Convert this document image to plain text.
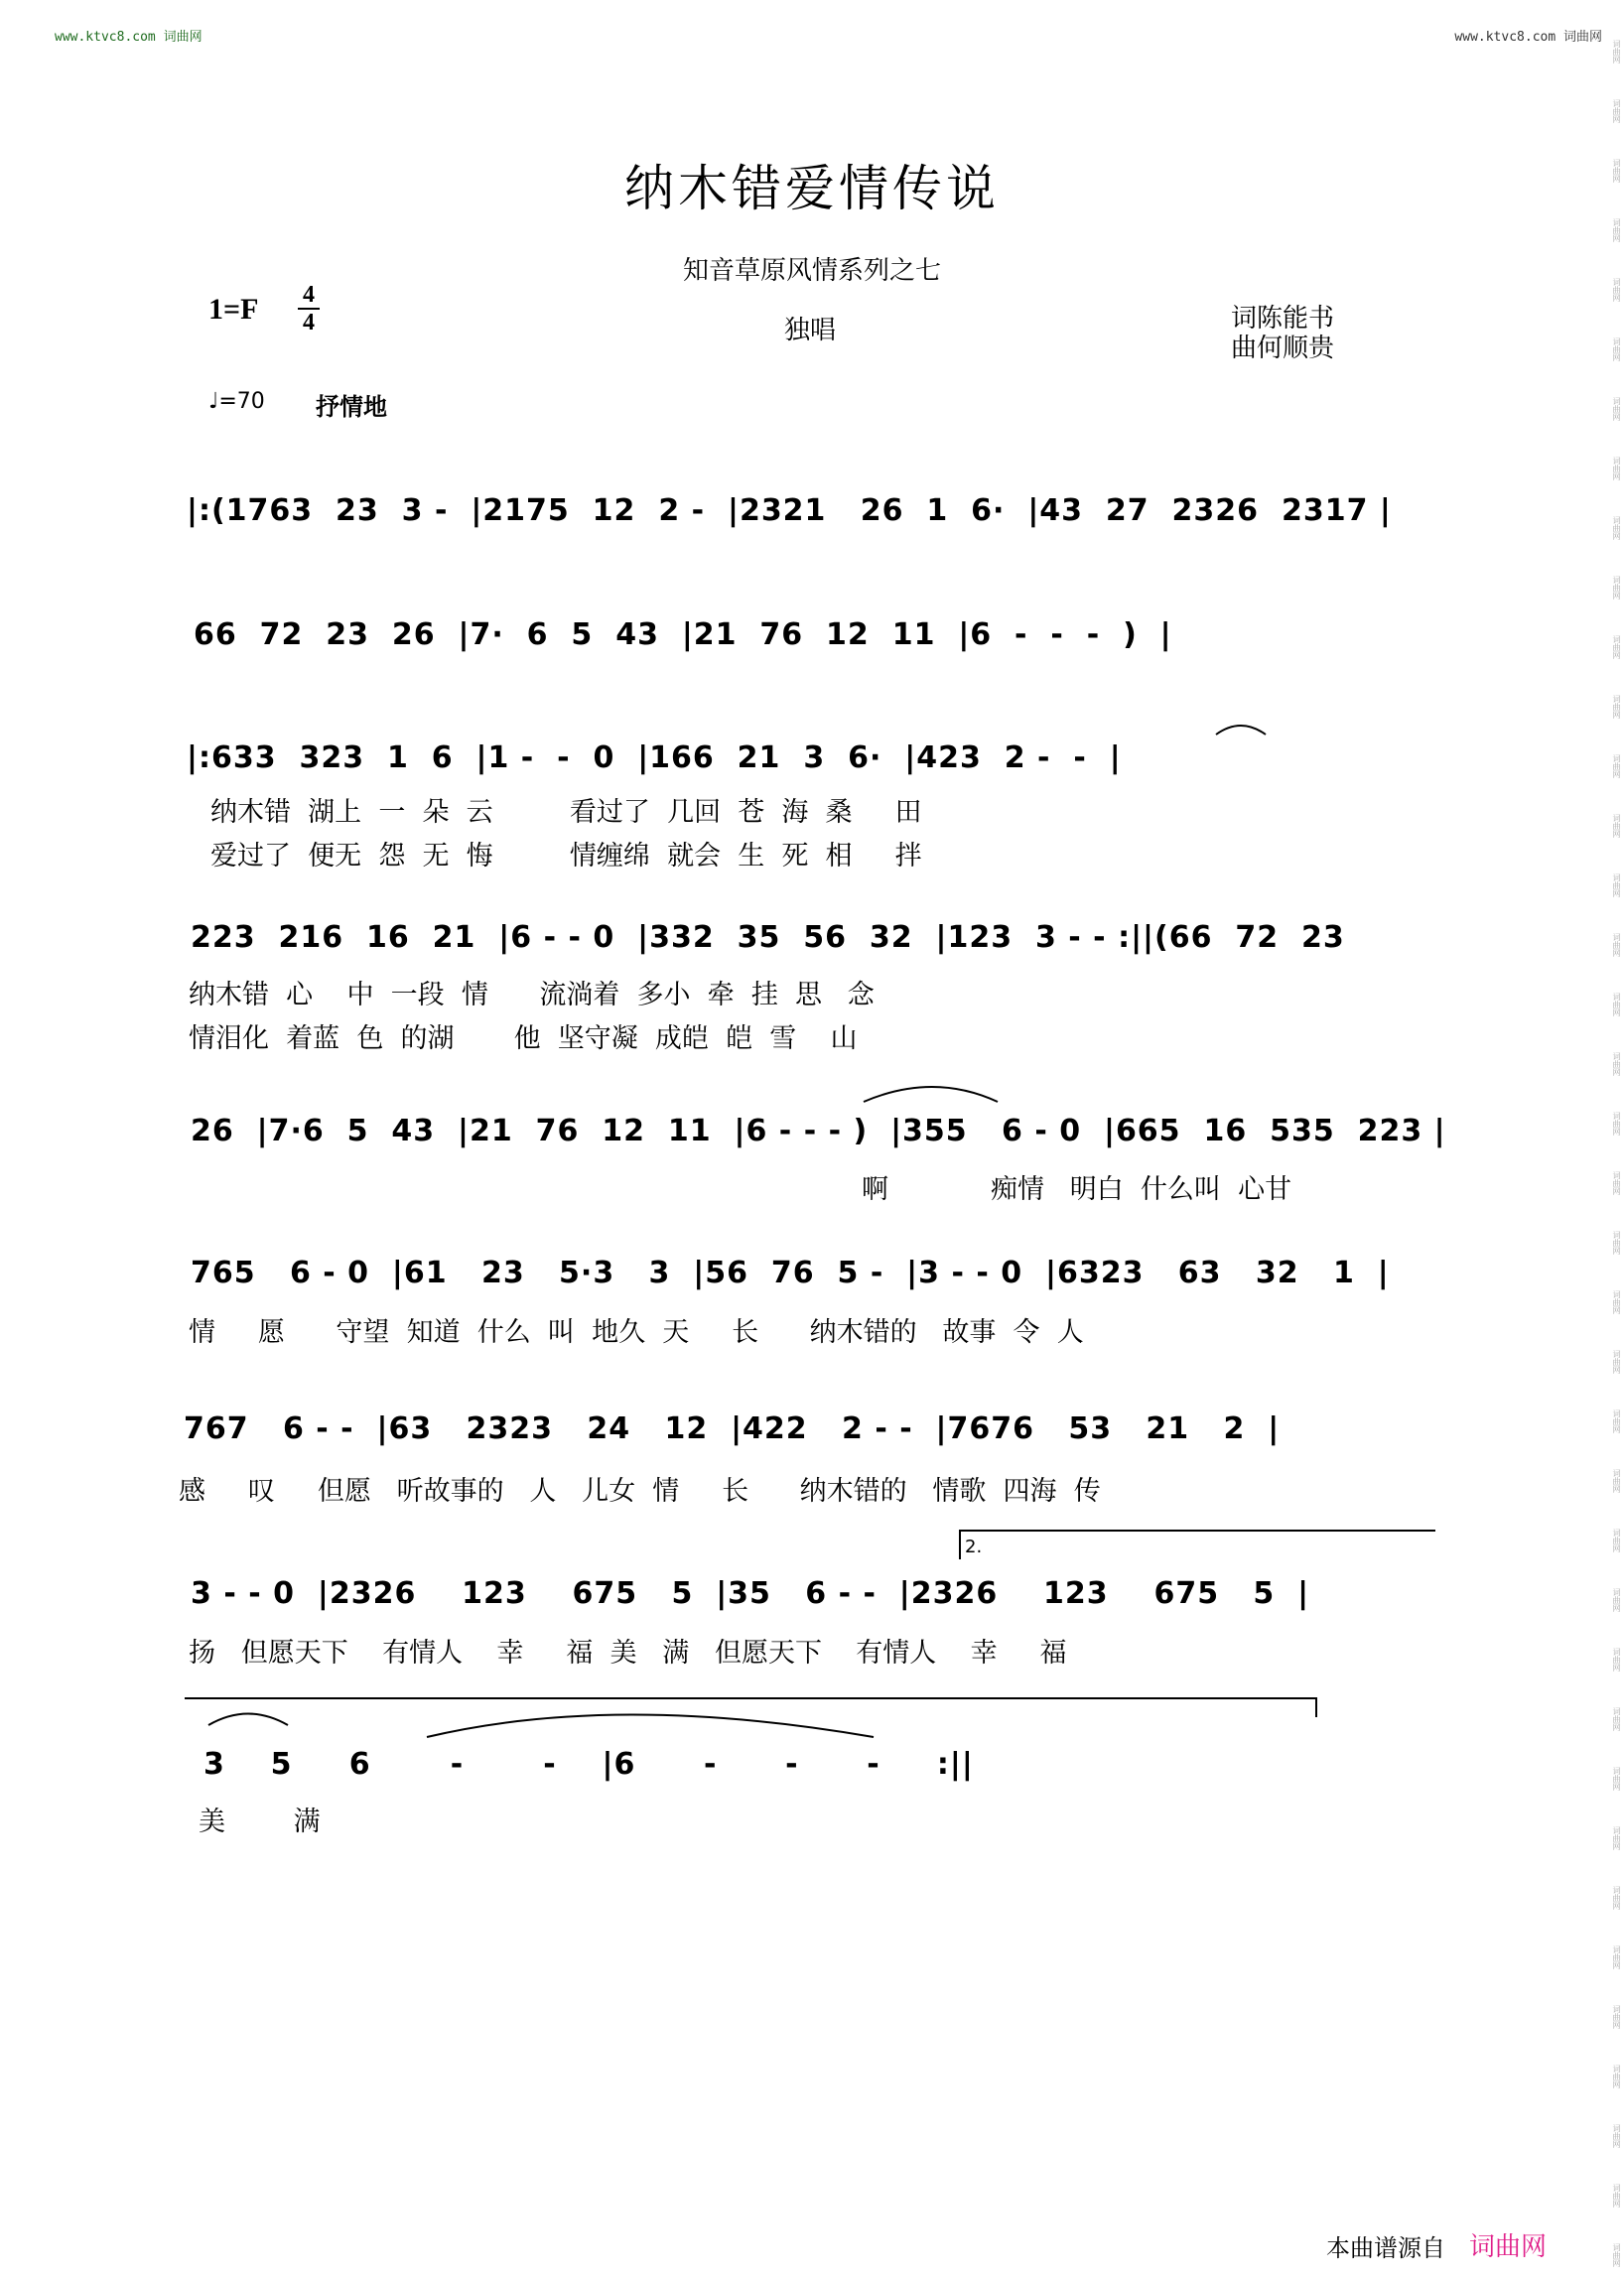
www.ktvc8.com 词曲网	www.ktvc8.com 词曲网
词曲网
词曲网
词曲网
词曲网
词曲网
词曲网
词曲网
词曲网
词曲网
词曲网
词曲网
词曲网
词曲网
词曲网
词曲网
词曲网
词曲网
词曲网
词曲网
词曲网
词曲网
词曲网
词曲网
词曲网
词曲网
词曲网
词曲网
词曲网
词曲网
词曲网
词曲网
词曲网
词曲网
词曲网
词曲网
词曲网
词曲网
词曲网
纳木错爱情传说
知音草原风情系列之七
1=F 4
4	独唱	词陈能书
曲何顺贵
♩=70 抒情地
|:(1763  23  3 -  |2175  12  2 -  |2321   26  1  6·  |43  27  2326  2317 |
66  72  23  26  |7·  6  5  43  |21  76  12  11  |6  -  -  -  )  |
|:633  323  1  6  |1 -  -  0  |166  21  3  6·  |423  2 -  -  |
纳木错  湖上  一  朵  云         看过了  几回  苍  海  桑     田
爱过了  便无  怨  无  悔         情缠绵  就会  生  死  相     拌
223  216  16  21  |6 - - 0  |332  35  56  32  |123  3 - - :||(66  72  23
纳木错  心    中  一段  情      流淌着  多小  牵  挂  思   念
情泪化  着蓝  色  的湖       他  坚守凝  成皑  皑  雪    山
26  |7·6  5  43  |21  76  12  11  |6 - - - )  |355   6 - 0  |665  16  535  223 |
啊            痴情   明白  什么叫  心甘
765   6 - 0  |61   23   5·3   3  |56  76  5 -  |3 - - 0  |6323   63   32   1  |
情     愿      守望  知道  什么  叫  地久  天     长      纳木错的   故事  令  人
767   6 - -  |63   2323   24   12  |422   2 - -  |7676   53   21   2  |
感     叹     但愿   听故事的   人   儿女  情     长      纳木错的   情歌  四海  传
2.
3 - - 0  |2326    123    675   5  |35   6 - -  |2326    123    675   5  |
扬   但愿天下    有情人    幸     福  美   满   但愿天下    有情人    幸     福
3    5     6       -       -    |6      -      -      -     :||
美        满
本曲谱源自 词曲网
